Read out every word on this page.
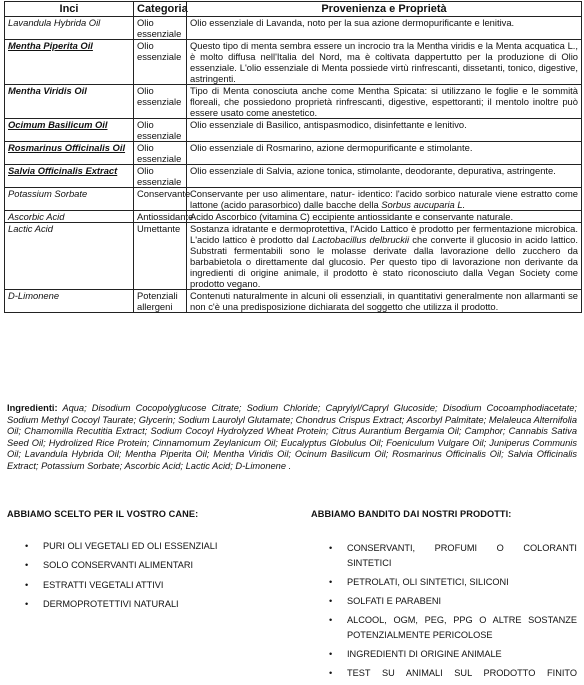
Inci	Categoria	Provenienza e Proprietà
Lavandula Hybrida Oil	Olio essenziale	Olio essenziale di Lavanda, noto per la sua azione dermopurificante e lenitiva.
Mentha Piperita Oil	Olio essenziale	Questo tipo di menta sembra essere un incrocio tra la Mentha viridis e la Menta acquatica L., è molto diffusa nell'Italia del Nord, ma è coltivata dappertutto per la produzione di Olio essenziale. L'olio essenziale di Menta possiede virtù rinfrescanti, dissetanti, tonico, digestive, astringenti.
Mentha Viridis Oil	Olio essenziale	Tipo di Menta conosciuta anche come Mentha Spicata: si utilizzano le foglie e le sommità floreali, che possiedono proprietà rinfrescanti, digestive, espettoranti; il mentolo inoltre può essere usato come anestetico.
Ocimum Basilicum Oil	Olio essenziale	Olio essenziale di Basilico, antispasmodico, disinfettante e lenitivo.
Rosmarinus Officinalis Oil	Olio essenziale	Olio essenziale di Rosmarino, azione dermopurificante e stimolante.
Salvia Officinalis Extract	Olio essenziale	Olio essenziale di Salvia, azione tonica, stimolante, deodorante, depurativa, astringente.
Potassium Sorbate	Conservante	Conservante per uso alimentare, natur- identico: l'acido sorbico naturale viene estratto come lattone (acido parasorbico) dalle bacche della Sorbus aucuparia L.
Ascorbic Acid	Antiossidante	Acido Ascorbico (vitamina C) eccipiente antiossidante e conservante naturale.
Lactic Acid	Umettante	Sostanza idratante e dermoprotettiva, l'Acido Lattico è prodotto per fermentazione microbica. L'acido lattico è prodotto dal Lactobacillus delbruckii che converte il glucosio in acido lattico. Substrati fermentabili sono le molasse derivate dalla lavorazione dello zucchero da barbabietola o direttamente dal glucosio. Per questo tipo di lavorazione non derivante da ingredienti di origine animale, il prodotto è stato riconosciuto dalla Vegan Society come prodotto vegano.
D-Limonene	Potenziali allergeni	Contenuti naturalmente in alcuni oli essenziali, in quantitativi generalmente non allarmanti se non c'è una predisposizione dichiarata del soggetto che utilizza il prodotto.
Ingredienti: Aqua; Disodium Cocopolyglucose Citrate; Sodium Chloride; Caprylyl/Capryl Glucoside; Disodium Cocoamphodiacetate; Sodium Methyl Cocoyl Taurate; Glycerin; Sodium Laurolyl Glutamate; Chondrus Crispus Extract; Ascorbyl Palmitate; Melaleuca Alternifolia Oil; Chamomilla Recutitia Extract; Sodium Cocoyl Hydrolyzed Wheat Protein; Citrus Aurantium Bergamia Oil; Camphor; Cannabis Sativa Seed Oil; Hydrolized Rice Protein; Cinnamomum Zeylanicum Oil; Eucalyptus Globulus Oil; Foeniculum Vulgare Oil; Juniperus Communis Oil; Lavandula Hybrida Oil; Mentha Piperita Oil; Mentha Viridis Oil; Ocinum Basilicum Oil; Rosmarinus Officinalis Oil; Salvia Officinalis Extract; Potassium Sorbate; Ascorbic Acid; Lactic Acid; D-Limonene .
ABBIAMO SCELTO PER IL VOSTRO CANE:
• PURI OLI VEGETALI ED OLI ESSENZIALI
• SOLO CONSERVANTI ALIMENTARI
• ESTRATTI VEGETALI ATTIVI
• DERMOPROTETTIVI NATURALI
ABBIAMO BANDITO DAI NOSTRI PRODOTTI:
• CONSERVANTI, PROFUMI O COLORANTI
SINTETICI
• PETROLATI, OLI SINTETICI, SILICONI
• SOLFATI E PARABENI
• ALCOOL, OGM, PEG, PPG O ALTRE SOSTANZE
POTENZIALMENTE PERICOLOSE
• INGREDIENTI DI ORIGINE ANIMALE
• TEST SU ANIMALI SUL PRODOTTO FINITO
